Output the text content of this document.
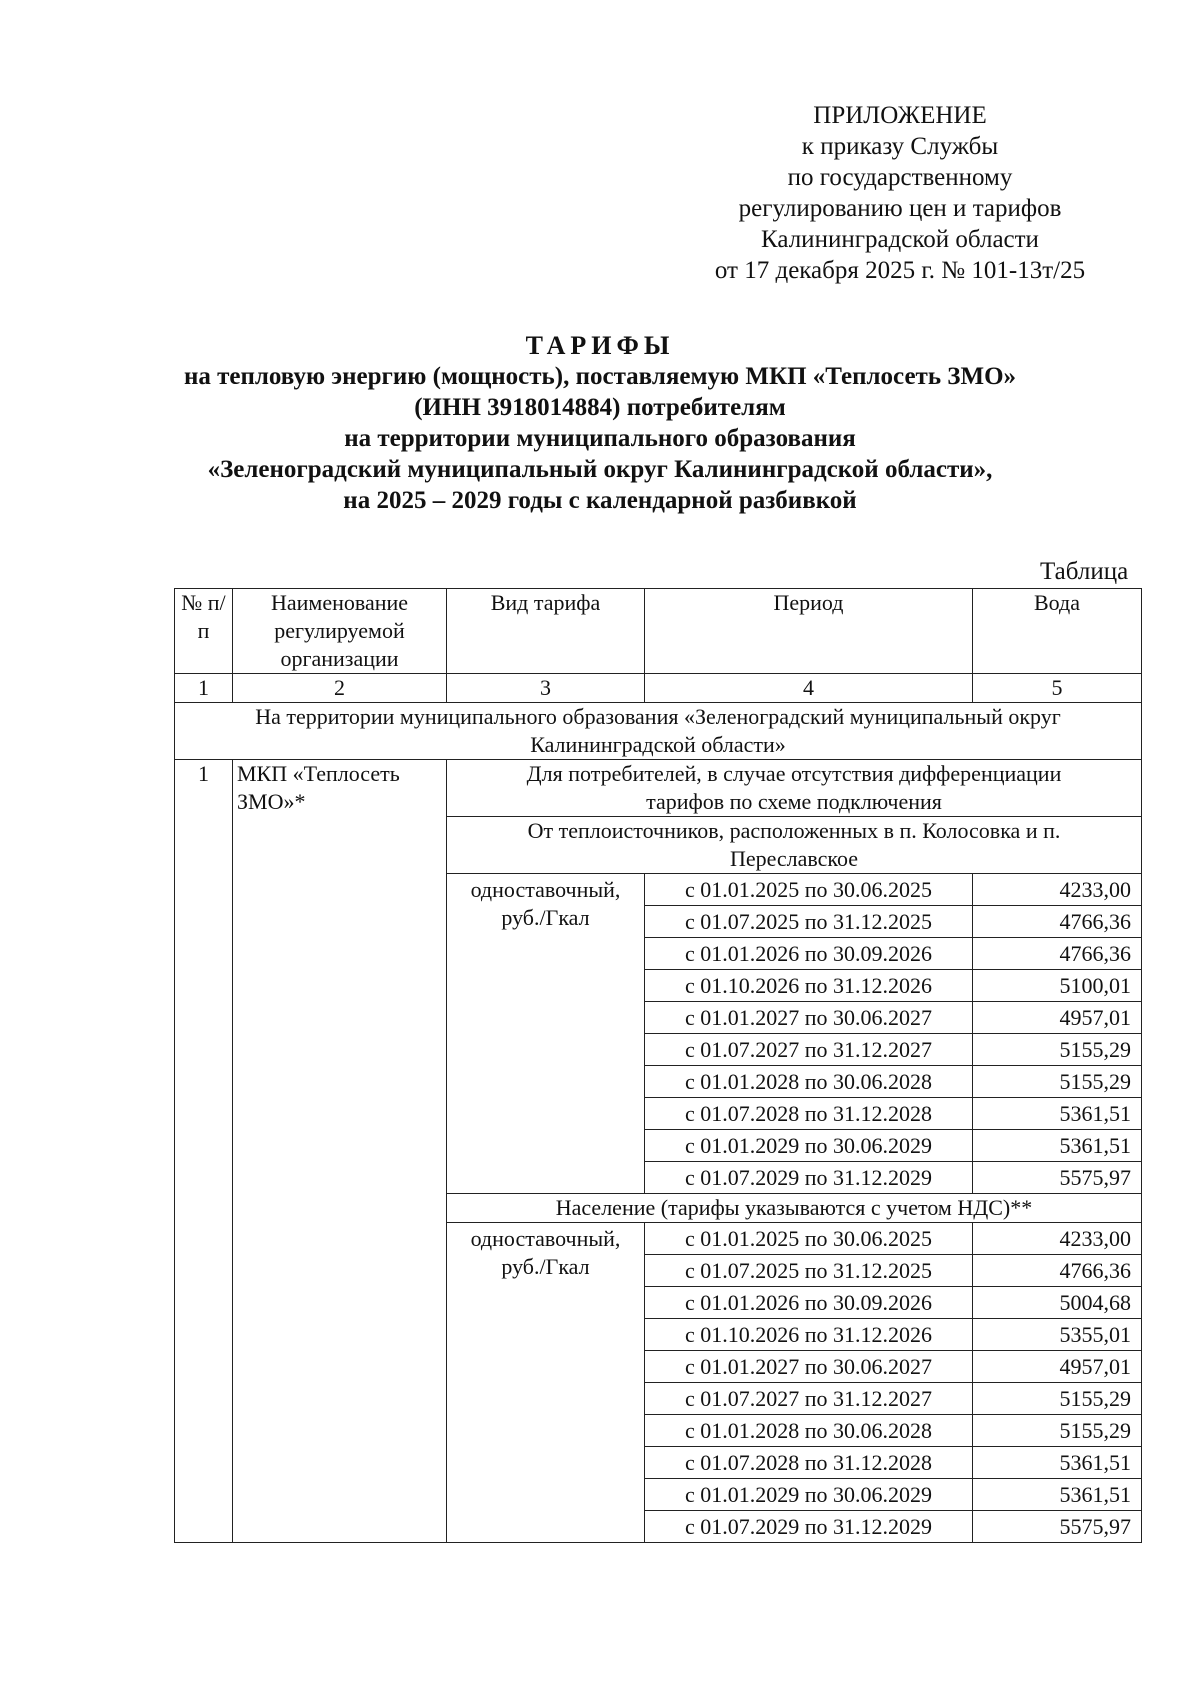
ПРИЛОЖЕНИЕ
к приказу Службы
по государственному
регулированию цен и тарифов
Калининградской области
от 17 декабря 2025 г. № 101-13т/25
ТАРИФЫ
на тепловую энергию (мощность), поставляемую МКП «Теплосеть ЗМО»
(ИНН 3918014884) потребителям
на территории муниципального образования
«Зеленоградский муниципальный округ Калининградской области»,
на 2025 – 2029 годы с календарной разбивкой
Таблица
№ п/п	Наименование регулируемой организации	Вид тарифа	Период	Вода
1	2	3	4	5
На территории муниципального образования «Зеленоградский муниципальный округ Калининградской области»				
1	МКП «Теплосеть ЗМО»*	Для потребителей, в случае отсутствия дифференциации тарифов по схеме подключения		
		От теплоисточников, расположенных в п. Колосовка и п. Переславское		
		одноставочный, руб./Гкал	с 01.01.2025 по 30.06.2025	4233,00
			с 01.07.2025 по 31.12.2025	4766,36
			с 01.01.2026 по 30.09.2026	4766,36
			с 01.10.2026 по 31.12.2026	5100,01
			с 01.01.2027 по 30.06.2027	4957,01
			с 01.07.2027 по 31.12.2027	5155,29
			с 01.01.2028 по 30.06.2028	5155,29
			с 01.07.2028 по 31.12.2028	5361,51
			с 01.01.2029 по 30.06.2029	5361,51
			с 01.07.2029 по 31.12.2029	5575,97
		Население (тарифы указываются с учетом НДС)**		
		одноставочный, руб./Гкал	с 01.01.2025 по 30.06.2025	4233,00
			с 01.07.2025 по 31.12.2025	4766,36
			с 01.01.2026 по 30.09.2026	5004,68
			с 01.10.2026 по 31.12.2026	5355,01
			с 01.01.2027 по 30.06.2027	4957,01
			с 01.07.2027 по 31.12.2027	5155,29
			с 01.01.2028 по 30.06.2028	5155,29
			с 01.07.2028 по 31.12.2028	5361,51
			с 01.01.2029 по 30.06.2029	5361,51
			с 01.07.2029 по 31.12.2029	5575,97
